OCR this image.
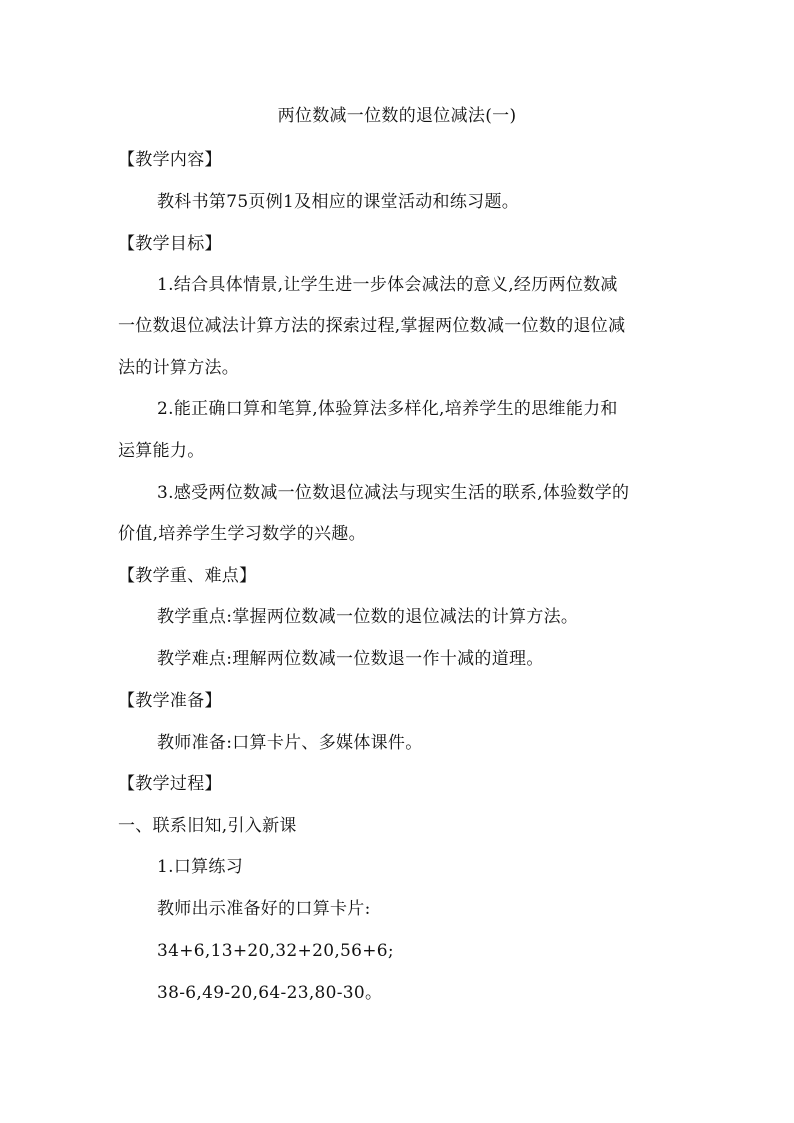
两位数减一位数的退位减法(一)
【教学内容】
教科书第75页例1及相应的课堂活动和练习题。
【教学目标】
1.结合具体情景,让学生进一步体会减法的意义,经历两位数减
一位数退位减法计算方法的探索过程,掌握两位数减一位数的退位减
法的计算方法。
2.能正确口算和笔算,体验算法多样化,培养学生的思维能力和
运算能力。
3.感受两位数减一位数退位减法与现实生活的联系,体验数学的
价值,培养学生学习数学的兴趣。
【教学重、难点】
教学重点:掌握两位数减一位数的退位减法的计算方法。
教学难点:理解两位数减一位数退一作十减的道理。
【教学准备】
教师准备:口算卡片、多媒体课件。
【教学过程】
一、联系旧知,引入新课
1.口算练习
教师出示准备好的口算卡片:
34+6,13+20,32+20,56+6;
38-6,49-20,64-23,80-30。
